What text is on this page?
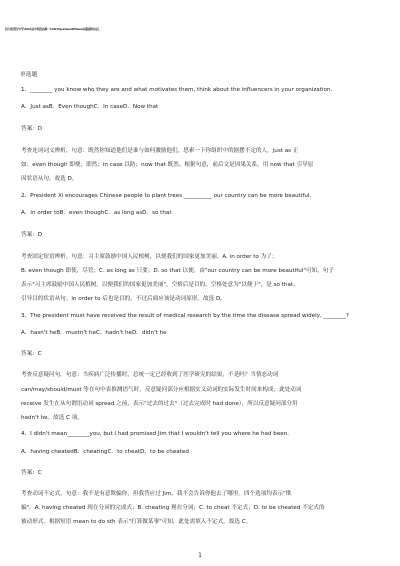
四川省部分中学2023高中英语必修一Unit3SportsandFitness易混淆知识点
单选题
1、________ you know who they are and what motivates them, think about the influencers in your organization.
A．Just asB．Even thoughC．In caseD．Now that
答案：D
考查连词词义辨析，句意：既然你知道他们是谁与如何激励他们，思索一下你组织中的据摆不定的人。just as 正
如；even though 即便；即然；in case 以防；now that 既然。根据句意，前后文是因果关系，用 now that 引导原
因状语从句，故选 D。
2、President Xi encourages Chinese people to plant trees __________ our country can be more beautiful.
A．in order toB．even thoughC．as long asD．so that
答案：D
考查固定短语辨析。句意：习主席鼓励中国人民植树，以便我们的国家更加美丽。A. in order to 为了；
B. even though 即使，尽管；C. as long as 只要；D. so that 以便，由"our country can be more beautiful"可知，句子
表示"习主席鼓励中国人民植树，以便我们的国家更加美丽"，空格后是目的，空格处意为"以便于"，是 so that，
引导目的状语从句；in order to 后也是目的，不过后面应该是动词原形。故选 D。
3、The president must have received the result of medical research by the time the disease spread widely, ________?
A．hasn't heB．mustn't heC．hadn't heD．didn't he
答案：C
考查反意疑问句。句意：当疾病广泛传播时，总统一定已经收到了医学研究的结果，不是吗？当情态动词
can/may/should/must 等在句中表推测语气时，反意疑问部分应根据实义动词的实际发生时间来构成；此处动词
receive 发生在从句谓语动词 spread 之前，表示"过去的过去"（过去完成时 had done），所以反意疑问部分用
hadn't he。故选 C 项。
4、I didn't mean________you, but I had promised Jim that I wouldn't tell you where he had been.
A．having cheatedB．cheatingC．to cheatD．to be cheated
答案：C
考查动词不定式。句意：我不是有意欺骗你，但我答应过 Jim，我不会告诉你他去了哪里。四个选项均表示"欺
骗"。A. having cheated 现在分词的完成式；B. cheating 现在分词；C. to cheat 不定式；D. to be cheated 不定式的
被动形式。根据短语 mean to do sth 表示"打算做某事"可知，此处需填入不定式。故选 C。
1
